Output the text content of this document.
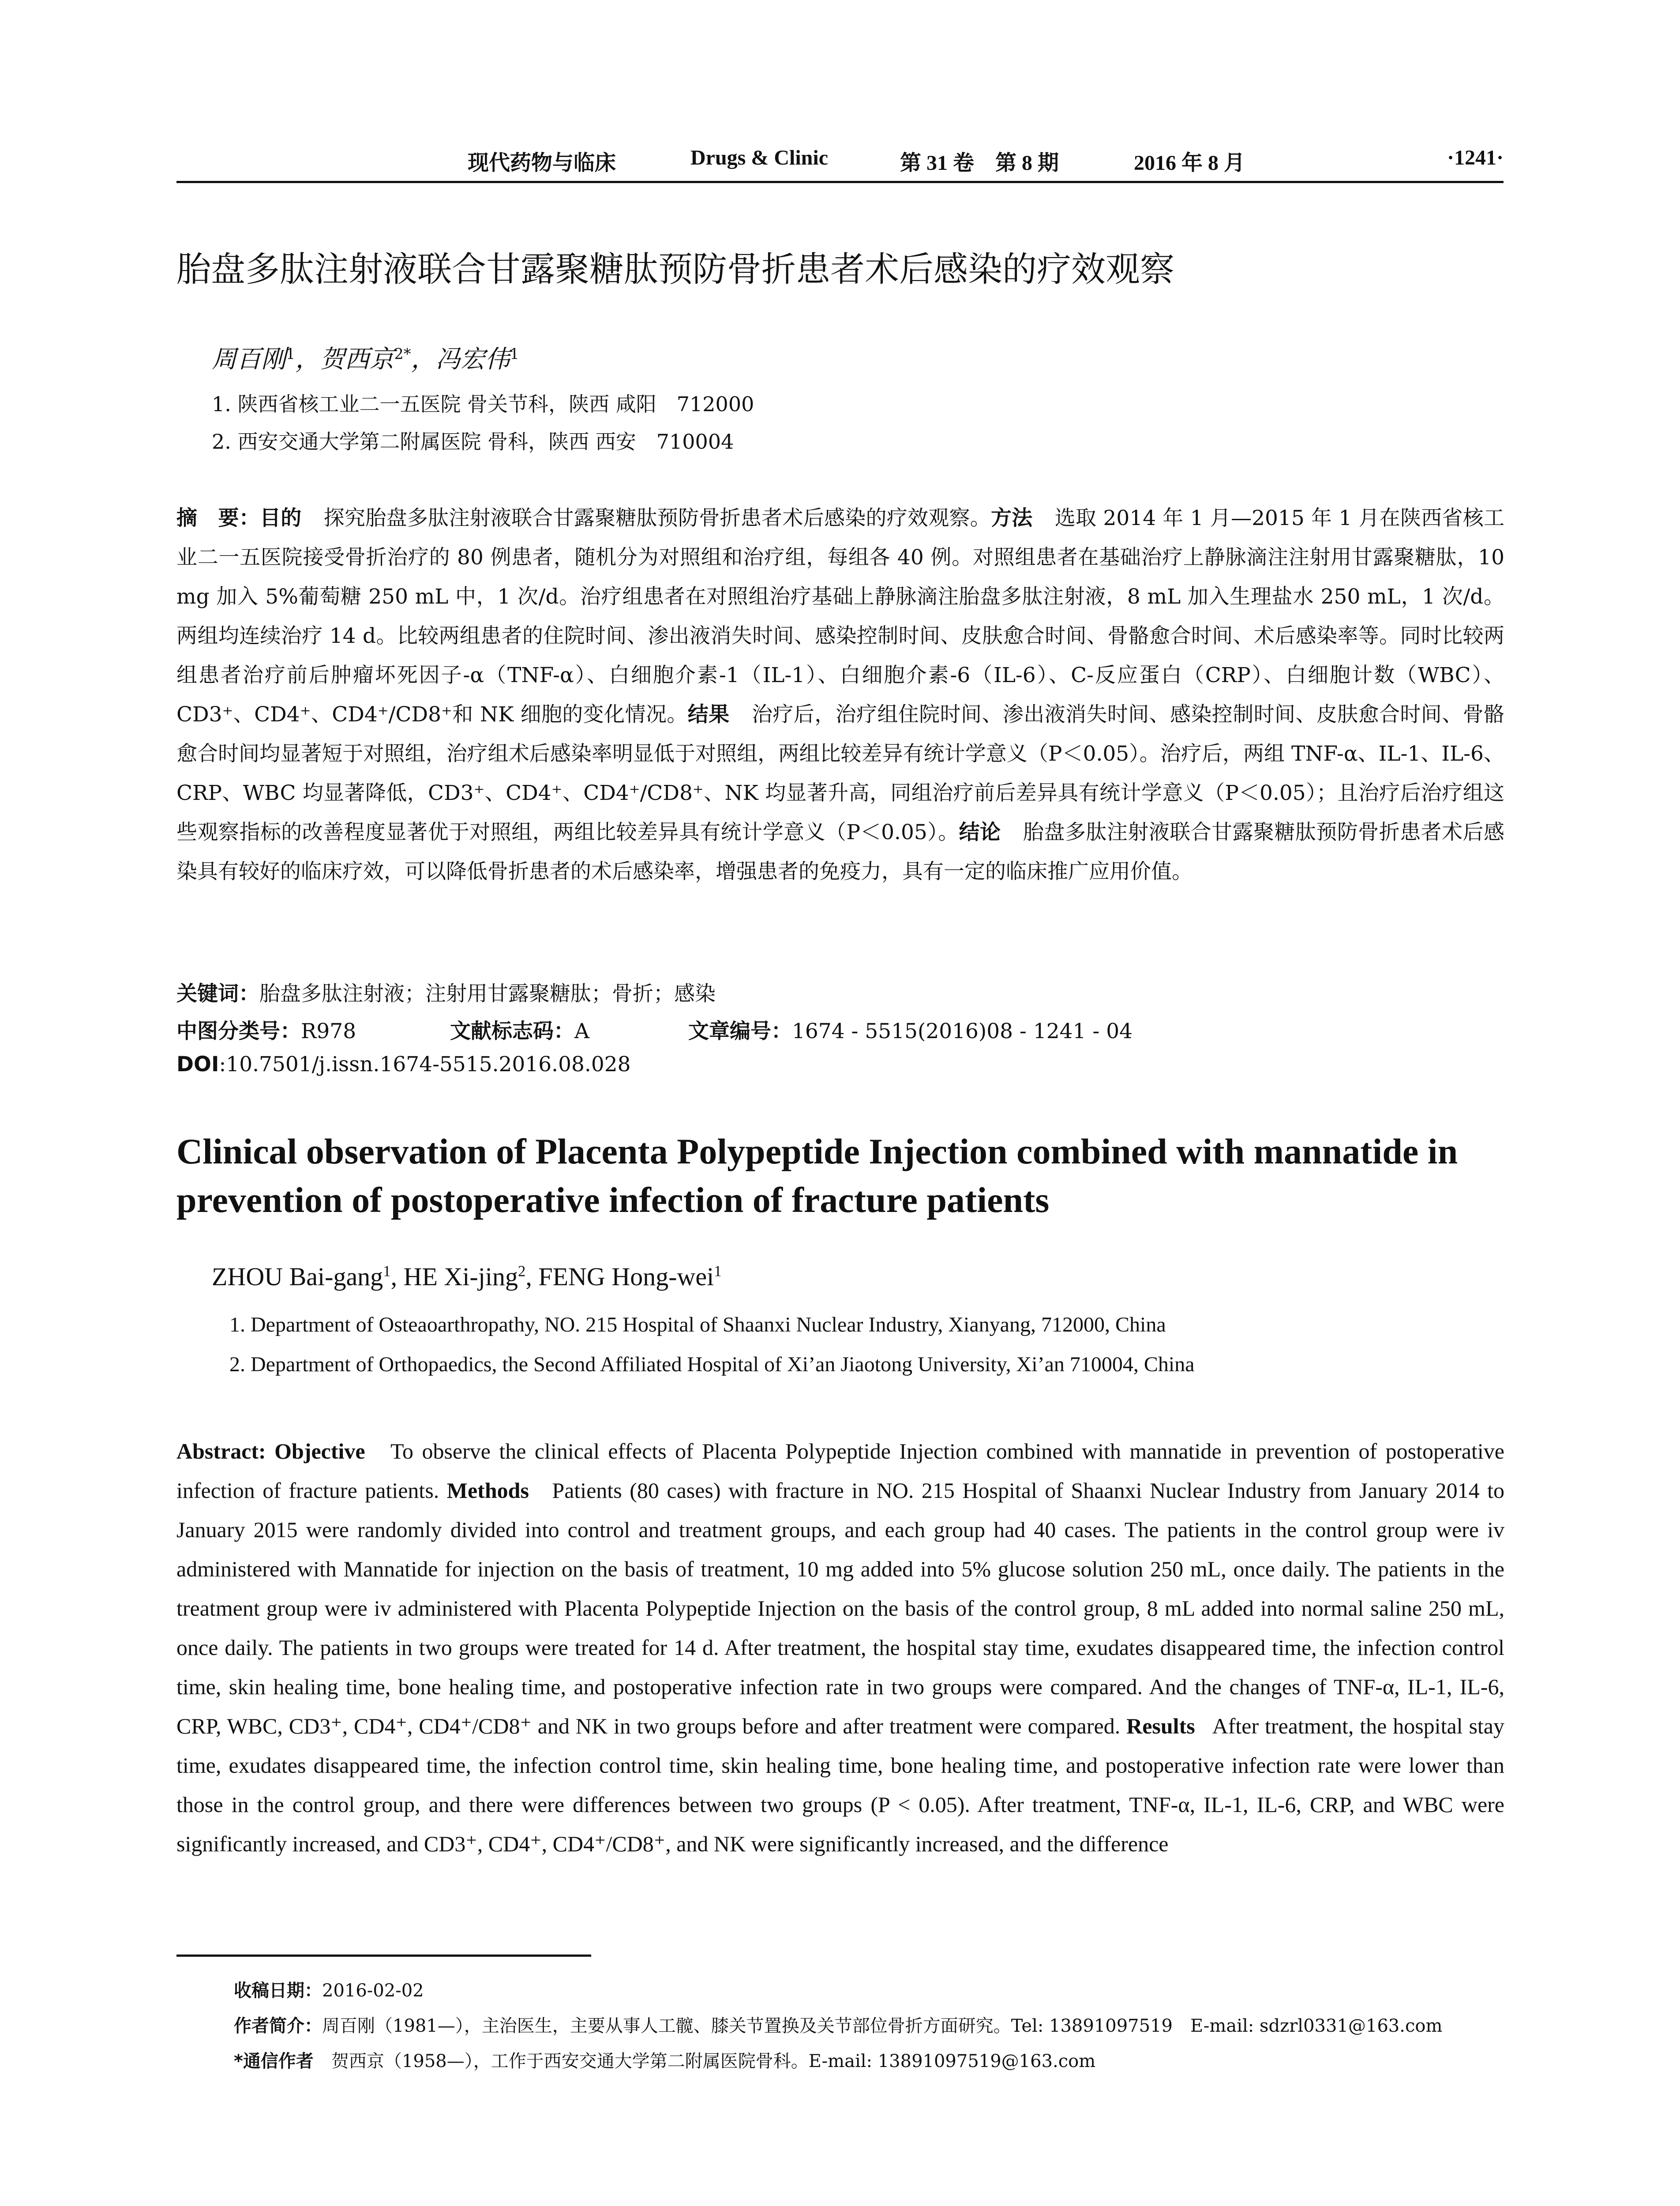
现代药物与临床	Drugs & Clinic	第 31 卷　第 8 期	2016 年 8 月	·1241·
胎盘多肽注射液联合甘露聚糖肽预防骨折患者术后感染的疗效观察
周百刚$^1$，贺西京$^{2*}$，冯宏伟$^1$
1. 陕西省核工业二一五医院 骨关节科，陕西 咸阳　712000
2. 西安交通大学第二附属医院 骨科，陕西 西安　710004
摘　要：目的 探究胎盘多肽注射液联合甘露聚糖肽预防骨折患者术后感染的疗效观察。方法 选取 2014 年 1 月—2015 年 1 月在陕西省核工业二一五医院接受骨折治疗的 80 例患者，随机分为对照组和治疗组，每组各 40 例。对照组患者在基础治疗上静脉滴注注射用甘露聚糖肽，10 mg 加入 5%葡萄糖 250 mL 中，1 次/d。治疗组患者在对照组治疗基础上静脉滴注胎盘多肽注射液，8 mL 加入生理盐水 250 mL，1 次/d。两组均连续治疗 14 d。比较两组患者的住院时间、渗出液消失时间、感染控制时间、皮肤愈合时间、骨骼愈合时间、术后感染率等。同时比较两组患者治疗前后肿瘤坏死因子-α（TNF-α）、白细胞介素-1（IL-1）、白细胞介素-6（IL-6）、C-反应蛋白（CRP）、白细胞计数（WBC）、CD3⁺、CD4⁺、CD4⁺/CD8⁺和 NK 细胞的变化情况。结果 治疗后，治疗组住院时间、渗出液消失时间、感染控制时间、皮肤愈合时间、骨骼愈合时间均显著短于对照组，治疗组术后感染率明显低于对照组，两组比较差异有统计学意义（P＜0.05）。治疗后，两组 TNF-α、IL-1、IL-6、CRP、WBC 均显著降低，CD3⁺、CD4⁺、CD4⁺/CD8⁺、NK 均显著升高，同组治疗前后差异具有统计学意义（P＜0.05）；且治疗后治疗组这些观察指标的改善程度显著优于对照组，两组比较差异具有统计学意义（P＜0.05）。结论 胎盘多肽注射液联合甘露聚糖肽预防骨折患者术后感染具有较好的临床疗效，可以降低骨折患者的术后感染率，增强患者的免疫力，具有一定的临床推广应用价值。
关键词：胎盘多肽注射液；注射用甘露聚糖肽；骨折；感染
中图分类号：R978	文献标志码：A	文章编号：1674 - 5515(2016)08 - 1241 - 04
DOI:10.7501/j.issn.1674-5515.2016.08.028
Clinical observation of Placenta Polypeptide Injection combined with mannatide in prevention of postoperative infection of fracture patients
ZHOU Bai-gang$^1$, HE Xi-jing$^2$, FENG Hong-wei$^1$
1. Department of Osteaoarthropathy, NO. 215 Hospital of Shaanxi Nuclear Industry, Xianyang, 712000, China
2. Department of Orthopaedics, the Second Affiliated Hospital of Xi’an Jiaotong University, Xi’an 710004, China
Abstract: Objective To observe the clinical effects of Placenta Polypeptide Injection combined with mannatide in prevention of postoperative infection of fracture patients. Methods Patients (80 cases) with fracture in NO. 215 Hospital of Shaanxi Nuclear Industry from January 2014 to January 2015 were randomly divided into control and treatment groups, and each group had 40 cases. The patients in the control group were iv administered with Mannatide for injection on the basis of treatment, 10 mg added into 5% glucose solution 250 mL, once daily. The patients in the treatment group were iv administered with Placenta Polypeptide Injection on the basis of the control group, 8 mL added into normal saline 250 mL, once daily. The patients in two groups were treated for 14 d. After treatment, the hospital stay time, exudates disappeared time, the infection control time, skin healing time, bone healing time, and postoperative infection rate in two groups were compared. And the changes of TNF-α, IL-1, IL-6, CRP, WBC, CD3⁺, CD4⁺, CD4⁺/CD8⁺ and NK in two groups before and after treatment were compared. Results After treatment, the hospital stay time, exudates disappeared time, the infection control time, skin healing time, bone healing time, and postoperative infection rate were lower than those in the control group, and there were differences between two groups (P < 0.05). After treatment, TNF-α, IL-1, IL-6, CRP, and WBC were significantly increased, and CD3⁺, CD4⁺, CD4⁺/CD8⁺, and NK were significantly increased, and the difference
收稿日期：2016-02-02
作者简介：周百刚（1981—），主治医生，主要从事人工髋、膝关节置换及关节部位骨折方面研究。Tel: 13891097519　E-mail: sdzrl0331@163.com
*通信作者　贺西京（1958—），工作于西安交通大学第二附属医院骨科。E-mail: 13891097519@163.com
